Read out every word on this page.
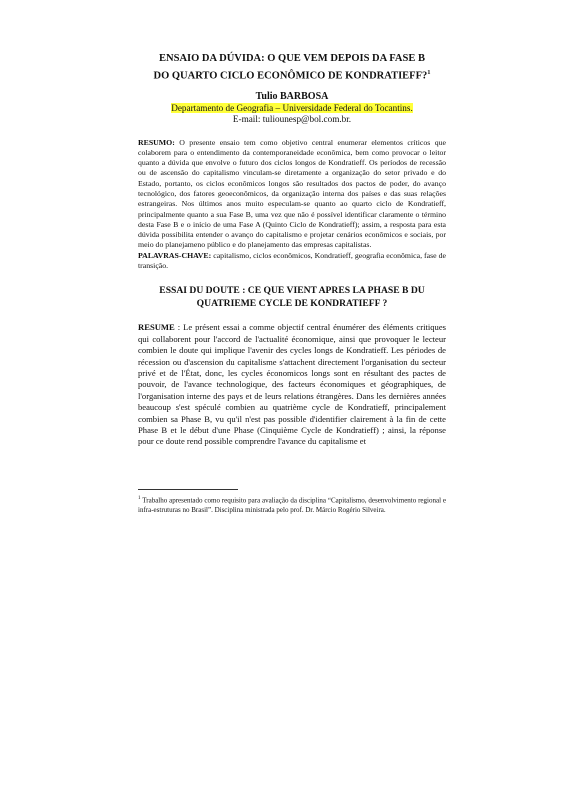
ENSAIO DA DÚVIDA: O QUE VEM DEPOIS DA FASE B
DO QUARTO CICLO ECONÔMICO DE KONDRATIEFF?$^1$
Tulio BARBOSA
Departamento de Geografia – Universidade Federal do Tocantins.
E-mail: tuliounesp@bol.com.br.
RESUMO: O presente ensaio tem como objetivo central enumerar elementos críticos que colaborem para o entendimento da contemporaneidade econômica, bem como provocar o leitor quanto a dúvida que envolve o futuro dos ciclos longos de Kondratieff. Os períodos de recessão ou de ascensão do capitalismo vinculam-se diretamente a organização do setor privado e do Estado, portanto, os ciclos econômicos longos são resultados dos pactos de poder, do avanço tecnológico, dos fatores geoeconômicos, da organização interna dos países e das suas relações estrangeiras. Nos últimos anos muito especulam-se quanto ao quarto ciclo de Kondratieff, principalmente quanto a sua Fase B, uma vez que não é possível identificar claramente o término desta Fase B e o início de uma Fase A (Quinto Ciclo de Kondratieff); assim, a resposta para esta dúvida possibilita entender o avanço do capitalismo e projetar cenários econômicos e sociais, por meio do planejameno público e do planejamento das empresas capitalistas.
PALAVRAS-CHAVE: capitalismo, ciclos econômicos, Kondratieff, geografia econômica, fase de transição.
ESSAI DU DOUTE : CE QUE VIENT APRES LA PHASE B DU
QUATRIEME CYCLE DE KONDRATIEFF ?
RESUME : Le présent essai a comme objectif central énumérer des éléments critiques qui collaborent pour l'accord de l'actualité économique, ainsi que provoquer le lecteur combien le doute qui implique l'avenir des cycles longs de Kondratieff. Les périodes de récession ou d'ascension du capitalisme s'attachent directement l'organisation du secteur privé et de l'État, donc, les cycles économicos longs sont en résultant des pactes de pouvoir, de l'avance technologique, des facteurs économiques et géographiques, de l'organisation interne des pays et de leurs relations étrangères. Dans les dernières années beaucoup s'est spéculé combien au quatrième cycle de Kondratieff, principalement combien sa Phase B, vu qu'il n'est pas possible d'identifier clairement à la fin de cette Phase B et le début d'une Phase (Cinquième Cycle de Kondratieff) ; ainsi, la réponse pour ce doute rend possible comprendre l'avance du capitalisme et
$^1$ Trabalho apresentado como requisito para avaliação da disciplina “Capitalismo, desenvolvimento regional e infra-estruturas no Brasil”. Disciplina ministrada pelo prof. Dr. Márcio Rogério Silveira.
